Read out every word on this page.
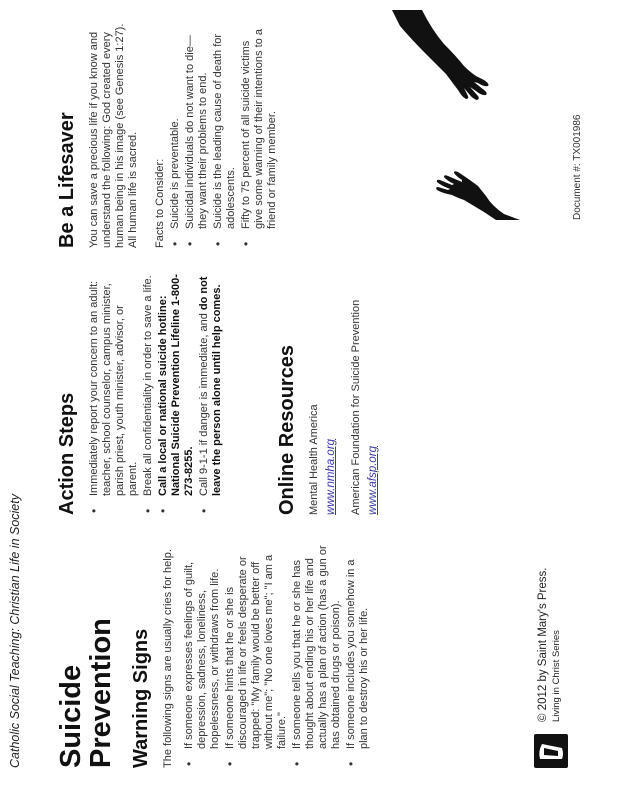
Catholic Social Teaching: Christian Life in Society Suicide
Prevention Warning Signs The following signs are usually cries for help. •
If someone expresses feelings of guilt, depression, sadness, loneliness, hopelessness, or withdraws from life.
•
If someone hints that he or she is discouraged in life or feels desperate or trapped: "My family would be better off without me"; "No one loves me"; "I am a failure."
•
If someone tells you that he or she has thought about ending his or her life and actually has a plan of action (has a gun or has obtained drugs or poison).
•
If someone includes you somehow in a plan to destroy his or her life.
Action Steps •
Immediately report your concern to an adult: teacher, school counselor, campus minister, parish priest, youth minister, advisor, or parent.
•
Break all confidentiality in order to save a life.
•
Call a local or national suicide hotline: National Suicide Prevention Lifeline 1-800-273-8255.
•
Call 9-1-1 if danger is immediate, and do not leave the person alone until help comes.	Online Resources Mental Health America www.nmha.org	American Foundation for Suicide Prevention www.afsp.org
Be a Lifesaver You can save a precious life if you know and understand the following: God created every human being in his image (see Genesis 1:27). All human life is sacred. Facts to Consider: •
Suicide is preventable.
•
Suicidal individuals do not want to die—they want their problems to end.
•
Suicide is the leading cause of death for adolescents.
•
Fifty to 75 percent of all suicide victims give some warning of their intentions to a friend or family member.
© 2012 by Saint Mary's Press. Living in Christ Series
Document #: TX001986
